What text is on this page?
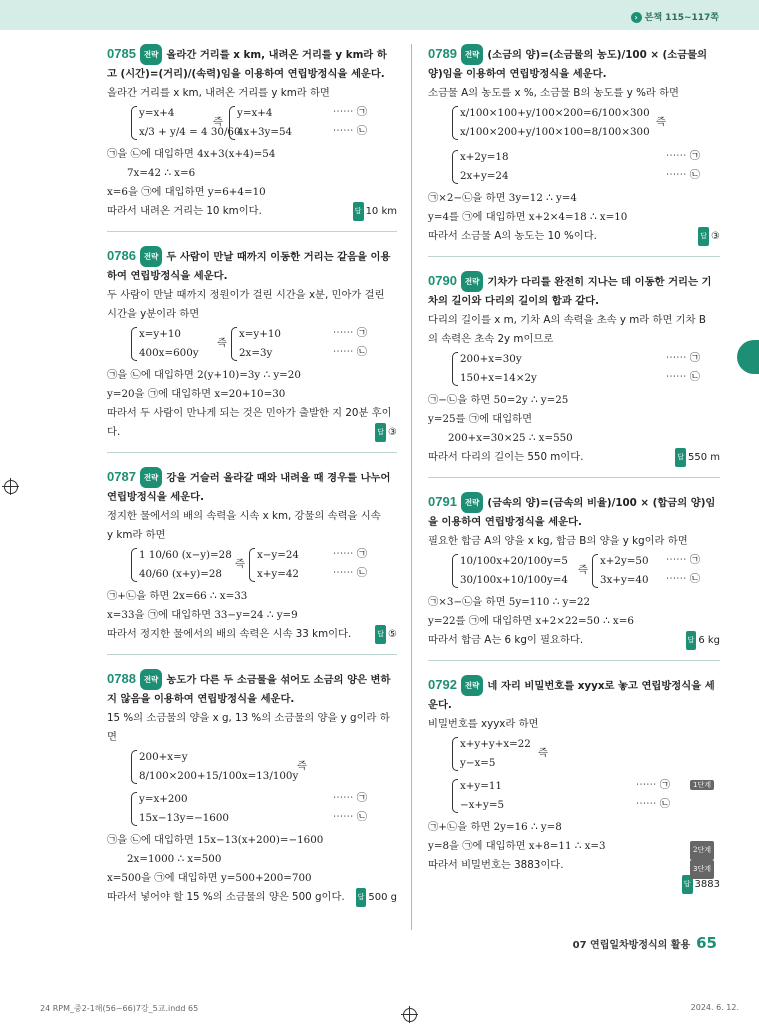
› 본책 115~117쪽
0785 전략 올라간 거리를 x km, 내려온 거리를 y km라 하
고 (시간)=(거리)/(속력)임을 이용하여 연립방정식을 세운다.
올라간 거리를 x km, 내려온 거리를 y km라 하면
y=x+4
x/3 + y/4 = 4 30/60
즉
y=x+4
4x+3y=54
⋯⋯ ㉠
⋯⋯ ㉡
㉠을 ㉡에 대입하면 4x+3(x+4)=54
7x=42 ∴ x=6
x=6을 ㉠에 대입하면 y=6+4=10
따라서 내려온 거리는 10 km이다.	답 10 km
0786 전략 두 사람이 만날 때까지 이동한 거리는 같음을 이용하여 연립방정식을 세운다.
두 사람이 만날 때까지 정원이가 걸린 시간을 x분, 민아가 걸린
시간을 y분이라 하면
x=y+10
400x=600y
즉
x=y+10
2x=3y
⋯⋯ ㉠
⋯⋯ ㉡
㉠을 ㉡에 대입하면 2(y+10)=3y ∴ y=20
y=20을 ㉠에 대입하면 x=20+10=30
따라서 두 사람이 만나게 되는 것은 민아가 출발한 지 20분 후이
다.	답 ③
0787 전략 강을 거슬러 올라갈 때와 내려올 때 경우를 나누어 연립방정식을 세운다.
정지한 물에서의 배의 속력을 시속 x km, 강물의 속력을 시속
y km라 하면
1 10/60 (x−y)=28
40/60 (x+y)=28
즉
x−y=24
x+y=42
⋯⋯ ㉠
⋯⋯ ㉡
㉠+㉡을 하면 2x=66 ∴ x=33
x=33을 ㉠에 대입하면 33−y=24 ∴ y=9
따라서 정지한 물에서의 배의 속력은 시속 33 km이다.	답 ⑤
0788 전략 농도가 다른 두 소금물을 섞어도 소금의 양은 변하지 않음을 이용하여 연립방정식을 세운다.
15 %의 소금물의 양을 x g, 13 %의 소금물의 양을 y g이라 하
면
200+x=y
8/100×200+15/100x=13/100y
즉
y=x+200
15x−13y=−1600
⋯⋯ ㉠
⋯⋯ ㉡
㉠을 ㉡에 대입하면 15x−13(x+200)=−1600
2x=1000 ∴ x=500
x=500을 ㉠에 대입하면 y=500+200=700
따라서 넣어야 할 15 %의 소금물의 양은 500 g이다. 답 500 g
0789 전략 (소금의 양)=(소금물의 농도)/100 × (소금물의 양)임을 이용하여 연립방정식을 세운다.
소금물 A의 농도를 x %, 소금물 B의 농도를 y %라 하면
x/100×100+y/100×200=6/100×300
x/100×200+y/100×100=8/100×300
즉
x+2y=18
2x+y=24
⋯⋯ ㉠
⋯⋯ ㉡
㉠×2−㉡을 하면 3y=12 ∴ y=4
y=4를 ㉠에 대입하면 x+2×4=18 ∴ x=10
따라서 소금물 A의 농도는 10 %이다.	답 ③
0790 전략 기차가 다리를 완전히 지나는 데 이동한 거리는 기차의 길이와 다리의 길이의 합과 같다.
다리의 길이를 x m, 기차 A의 속력을 초속 y m라 하면 기차 B
의 속력은 초속 2y m이므로
200+x=30y
150+x=14×2y
⋯⋯ ㉠
⋯⋯ ㉡
㉠−㉡을 하면 50=2y ∴ y=25
y=25를 ㉠에 대입하면
200+x=30×25 ∴ x=550
따라서 다리의 길이는 550 m이다.	답 550 m
0791 전략 (금속의 양)=(금속의 비율)/100 × (합금의 양)임을 이용하여 연립방정식을 세운다.
필요한 합금 A의 양을 x kg, 합금 B의 양을 y kg이라 하면
10/100x+20/100y=5
30/100x+10/100y=4
즉
x+2y=50
3x+y=40
⋯⋯ ㉠
⋯⋯ ㉡
㉠×3−㉡을 하면 5y=110 ∴ y=22
y=22를 ㉠에 대입하면 x+2×22=50 ∴ x=6
따라서 합금 A는 6 kg이 필요하다.	답 6 kg
0792 전략 네 자리 비밀번호를 xyyx로 놓고 연립방정식을 세운다.
비밀번호를 xyyx라 하면
x+y+y+x=22
y−x=5
즉
x+y=11
−x+y=5
⋯⋯ ㉠
⋯⋯ ㉡
1단계
㉠+㉡을 하면 2y=16 ∴ y=8
y=8을 ㉠에 대입하면 x+8=11 ∴ x=3	2단계
따라서 비밀번호는 3883이다.	3단계
답 3883
07 연립일차방정식의 활용 65
24 RPM_중2-1해(56~66)7강_5교.indd 65	2024. 6. 12.
